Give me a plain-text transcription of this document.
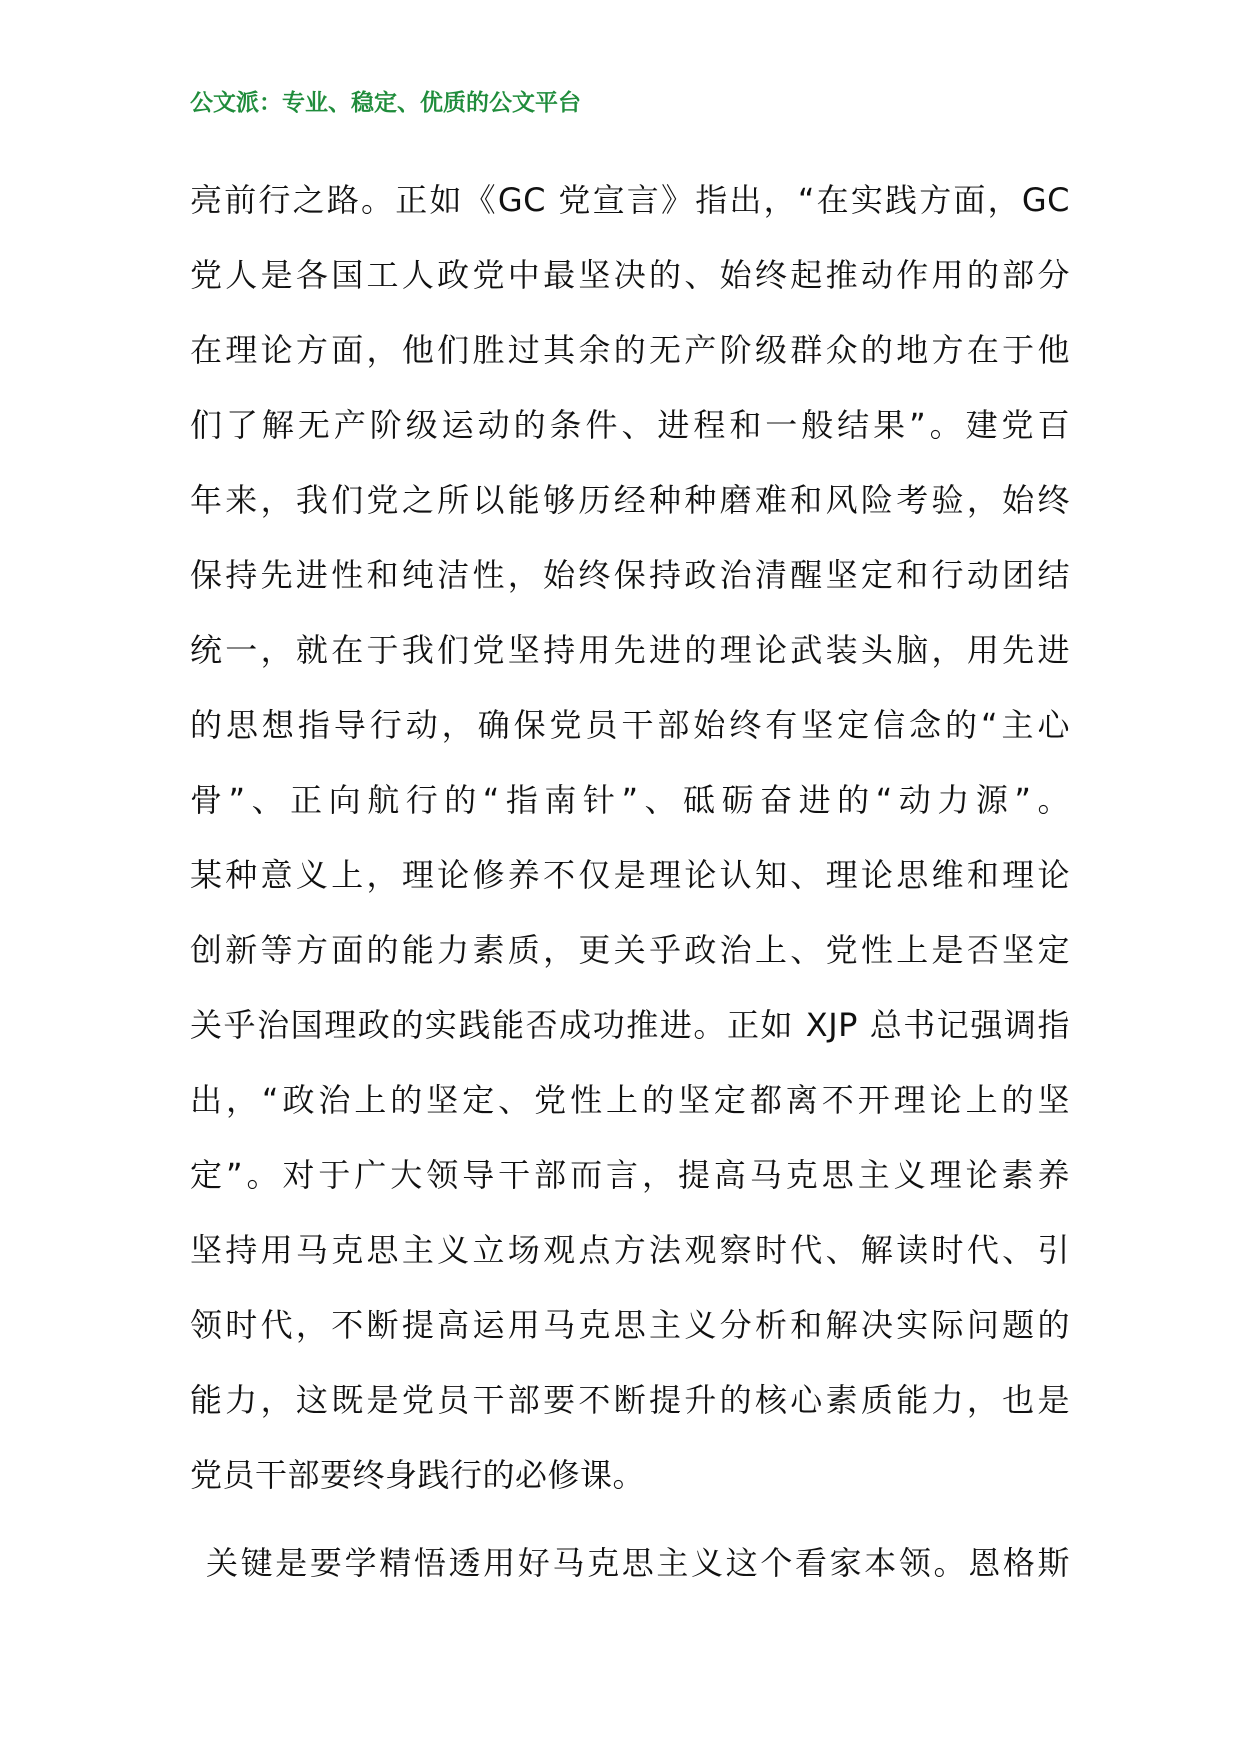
公文派：专业、稳定、优质的公文平台
亮前行之路。正如《GC 党宣言》指出，“在实践方面，GC
党人是各国工人政党中最坚决的、始终起推动作用的部分
在理论方面，他们胜过其余的无产阶级群众的地方在于他
们了解无产阶级运动的条件、进程和一般结果”。建党百
年来，我们党之所以能够历经种种磨难和风险考验，始终
保持先进性和纯洁性，始终保持政治清醒坚定和行动团结
统一，就在于我们党坚持用先进的理论武装头脑，用先进
的思想指导行动，确保党员干部始终有坚定信念的“主心
骨”、正向航行的“指南针”、砥砺奋进的“动力源”。
某种意义上，理论修养不仅是理论认知、理论思维和理论
创新等方面的能力素质，更关乎政治上、党性上是否坚定
关乎治国理政的实践能否成功推进。正如 XJP 总书记强调指
出，“政治上的坚定、党性上的坚定都离不开理论上的坚
定”。对于广大领导干部而言，提高马克思主义理论素养
坚持用马克思主义立场观点方法观察时代、解读时代、引
领时代，不断提高运用马克思主义分析和解决实际问题的
能力，这既是党员干部要不断提升的核心素质能力，也是
党员干部要终身践行的必修课。
关键是要学精悟透用好马克思主义这个看家本领。恩格斯
